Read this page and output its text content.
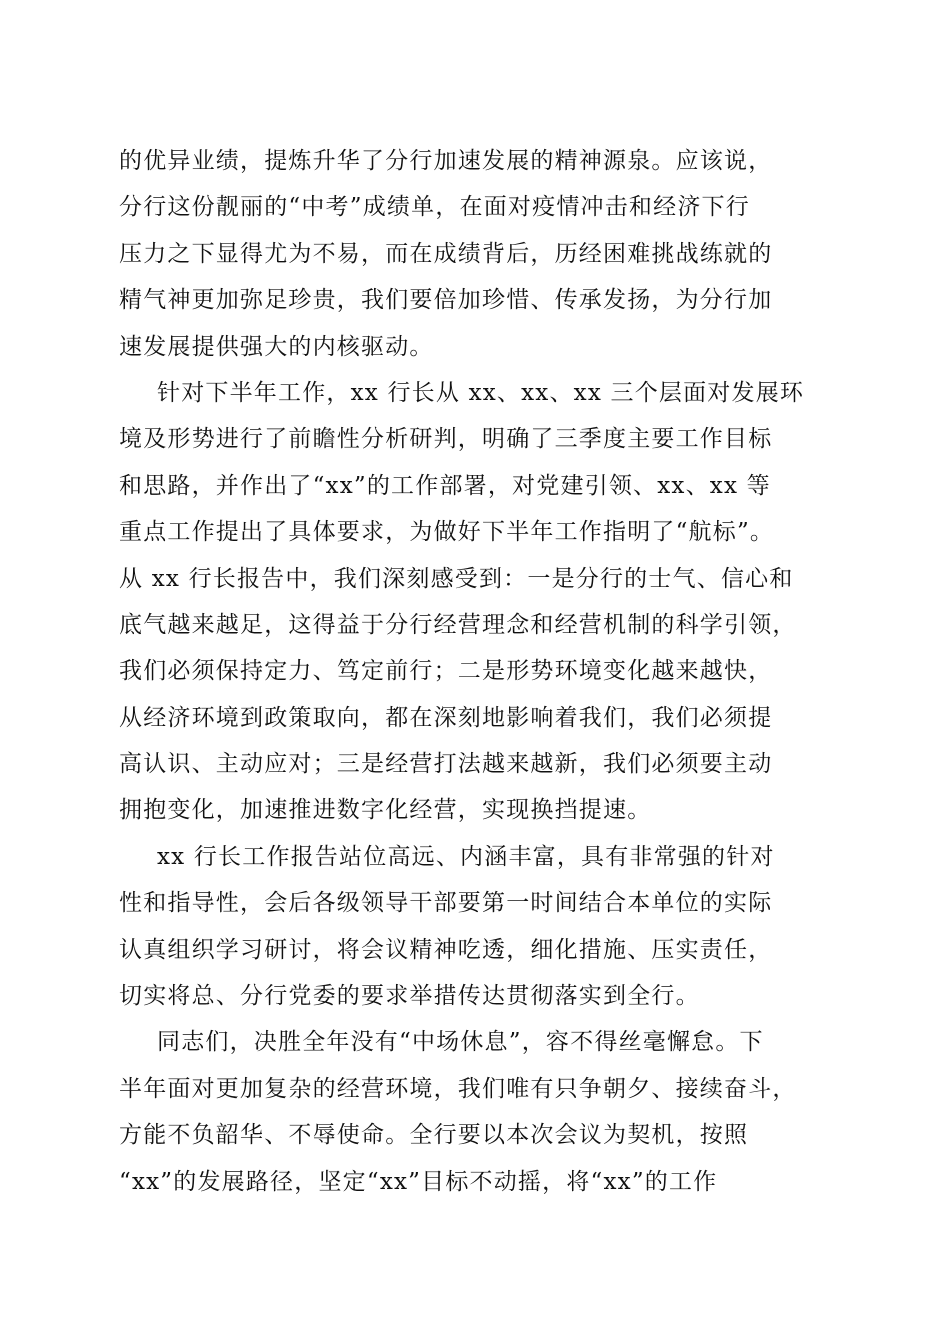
的优异业绩，提炼升华了分行加速发展的精神源泉。应该说，
分行这份靓丽的“中考”成绩单，在面对疫情冲击和经济下行
压力之下显得尤为不易，而在成绩背后，历经困难挑战练就的
精气神更加弥足珍贵，我们要倍加珍惜、传承发扬，为分行加
速发展提供强大的内核驱动。
针对下半年工作，xx 行长从 xx、xx、xx 三个层面对发展环
境及形势进行了前瞻性分析研判，明确了三季度主要工作目标
和思路，并作出了“xx”的工作部署，对党建引领、xx、xx 等
重点工作提出了具体要求，为做好下半年工作指明了“航标”。
从 xx 行长报告中，我们深刻感受到：一是分行的士气、信心和
底气越来越足，这得益于分行经营理念和经营机制的科学引领，
我们必须保持定力、笃定前行；二是形势环境变化越来越快，
从经济环境到政策取向，都在深刻地影响着我们，我们必须提
高认识、主动应对；三是经营打法越来越新，我们必须要主动
拥抱变化，加速推进数字化经营，实现换挡提速。
xx 行长工作报告站位高远、内涵丰富，具有非常强的针对
性和指导性，会后各级领导干部要第一时间结合本单位的实际
认真组织学习研讨，将会议精神吃透，细化措施、压实责任，
切实将总、分行党委的要求举措传达贯彻落实到全行。
同志们，决胜全年没有“中场休息”，容不得丝毫懈怠。下
半年面对更加复杂的经营环境，我们唯有只争朝夕、接续奋斗，
方能不负韶华、不辱使命。全行要以本次会议为契机，按照
“xx”的发展路径，坚定“xx”目标不动摇，将“xx”的工作
